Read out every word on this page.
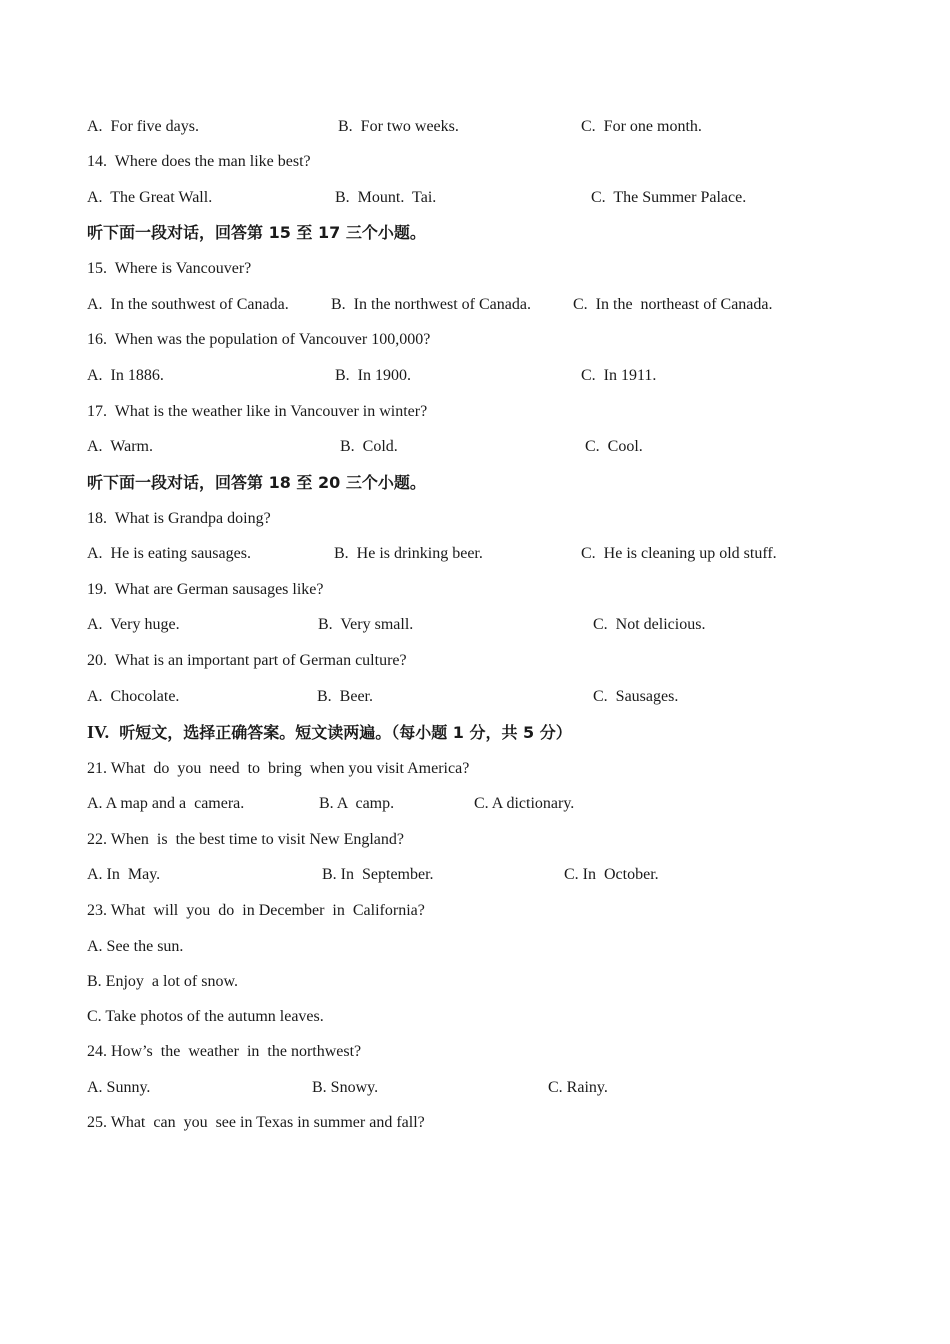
A.  For five days.	B.  For two weeks.	C.  For one month.
14.  Where does the man like best?
A.  The Great Wall.	B.  Mount.  Tai.	C.  The Summer Palace.
听下面一段对话，回答第 15 至 17 三个小题。
15.  Where is Vancouver?
A.  In the southwest of Canada.	B.  In the northwest of Canada.	C.  In the  northeast of Canada.
16.  When was the population of Vancouver 100,000?
A.  In 1886.	B.  In 1900.	C.  In 1911.
17.  What is the weather like in Vancouver in winter?
A.  Warm.	B.  Cold.	C.  Cool.
听下面一段对话，回答第 18 至 20 三个小题。
18.  What is Grandpa doing?
A.  He is eating sausages.	B.  He is drinking beer.	C.  He is cleaning up old stuff.
19.  What are German sausages like?
A.  Very huge.	B.  Very small.	C.  Not delicious.
20.  What is an important part of German culture?
A.  Chocolate.	B.  Beer.	C.  Sausages.
IV. 听短文，选择正确答案。短文读两遍。（每小题 1 分，共 5 分）
21. What  do  you  need  to  bring  when you visit America?
A. A map and a  camera.	B. A  camp.	C. A dictionary.
22. When  is  the best time to visit New England?
A. In  May.	B. In  September.	C. In  October.
23. What  will  you  do  in December  in  California?
A. See the sun.
B. Enjoy  a lot of snow.
C. Take photos of the autumn leaves.
24. How’s  the  weather  in  the northwest?
A. Sunny.	B. Snowy.	C. Rainy.
25. What  can  you  see in Texas in summer and fall?
